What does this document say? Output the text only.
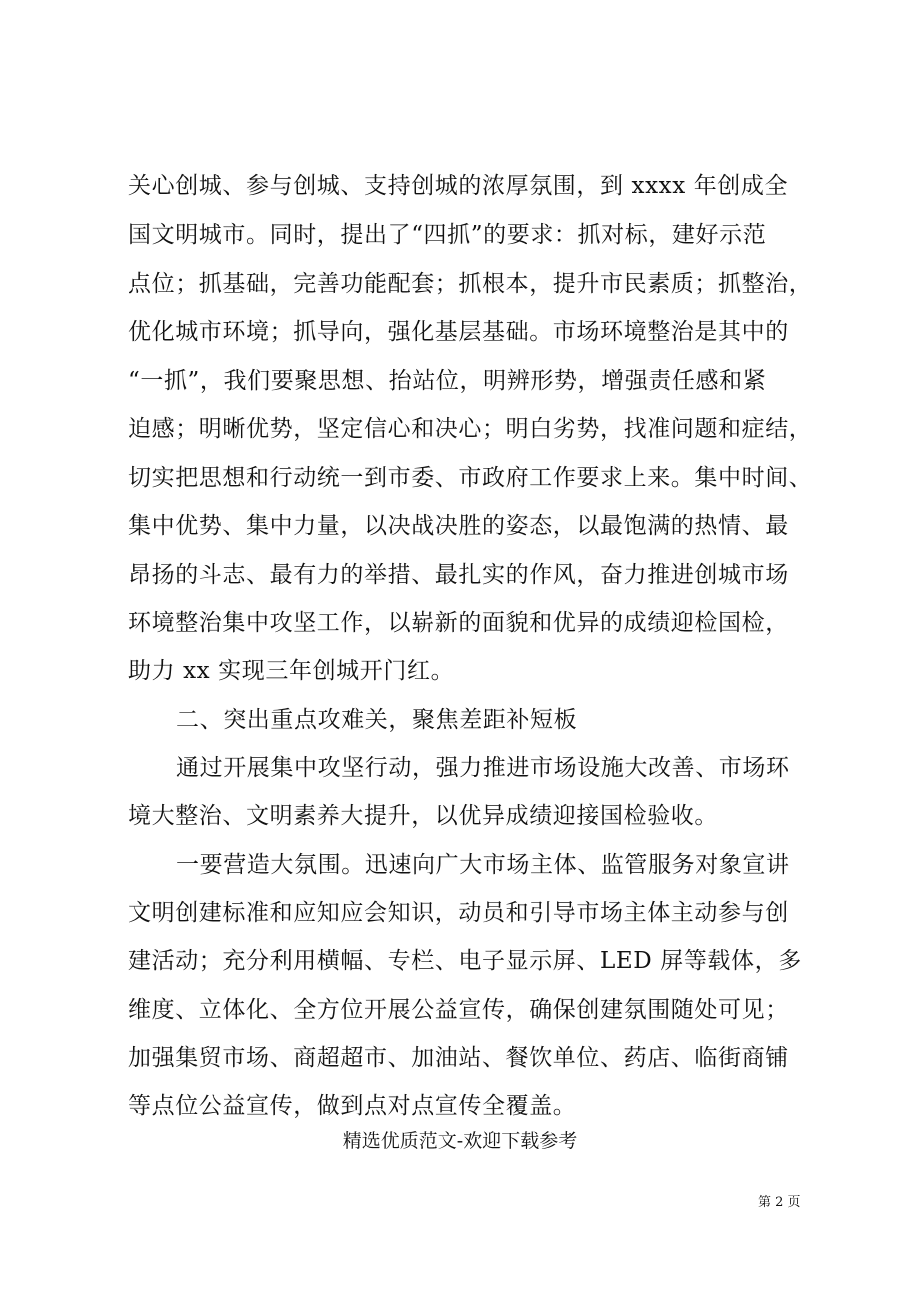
关心创城、参与创城、支持创城的浓厚氛围，到 xxxx 年创成全
国文明城市。同时，提出了“四抓”的要求：抓对标，建好示范
点位；抓基础，完善功能配套；抓根本，提升市民素质；抓整治，
优化城市环境；抓导向，强化基层基础。市场环境整治是其中的
“一抓”，我们要聚思想、抬站位，明辨形势，增强责任感和紧
迫感；明晰优势，坚定信心和决心；明白劣势，找准问题和症结，
切实把思想和行动统一到市委、市政府工作要求上来。集中时间、
集中优势、集中力量，以决战决胜的姿态，以最饱满的热情、最
昂扬的斗志、最有力的举措、最扎实的作风，奋力推进创城市场
环境整治集中攻坚工作，以崭新的面貌和优异的成绩迎检国检，
助力 xx 实现三年创城开门红。
二、突出重点攻难关，聚焦差距补短板
通过开展集中攻坚行动，强力推进市场设施大改善、市场环
境大整治、文明素养大提升，以优异成绩迎接国检验收。
一要营造大氛围。迅速向广大市场主体、监管服务对象宣讲
文明创建标准和应知应会知识，动员和引导市场主体主动参与创
建活动；充分利用横幅、专栏、电子显示屏、LED 屏等载体，多
维度、立体化、全方位开展公益宣传，确保创建氛围随处可见；
加强集贸市场、商超超市、加油站、餐饮单位、药店、临街商铺
等点位公益宣传，做到点对点宣传全覆盖。
精选优质范文-欢迎下载参考
第 2 页
